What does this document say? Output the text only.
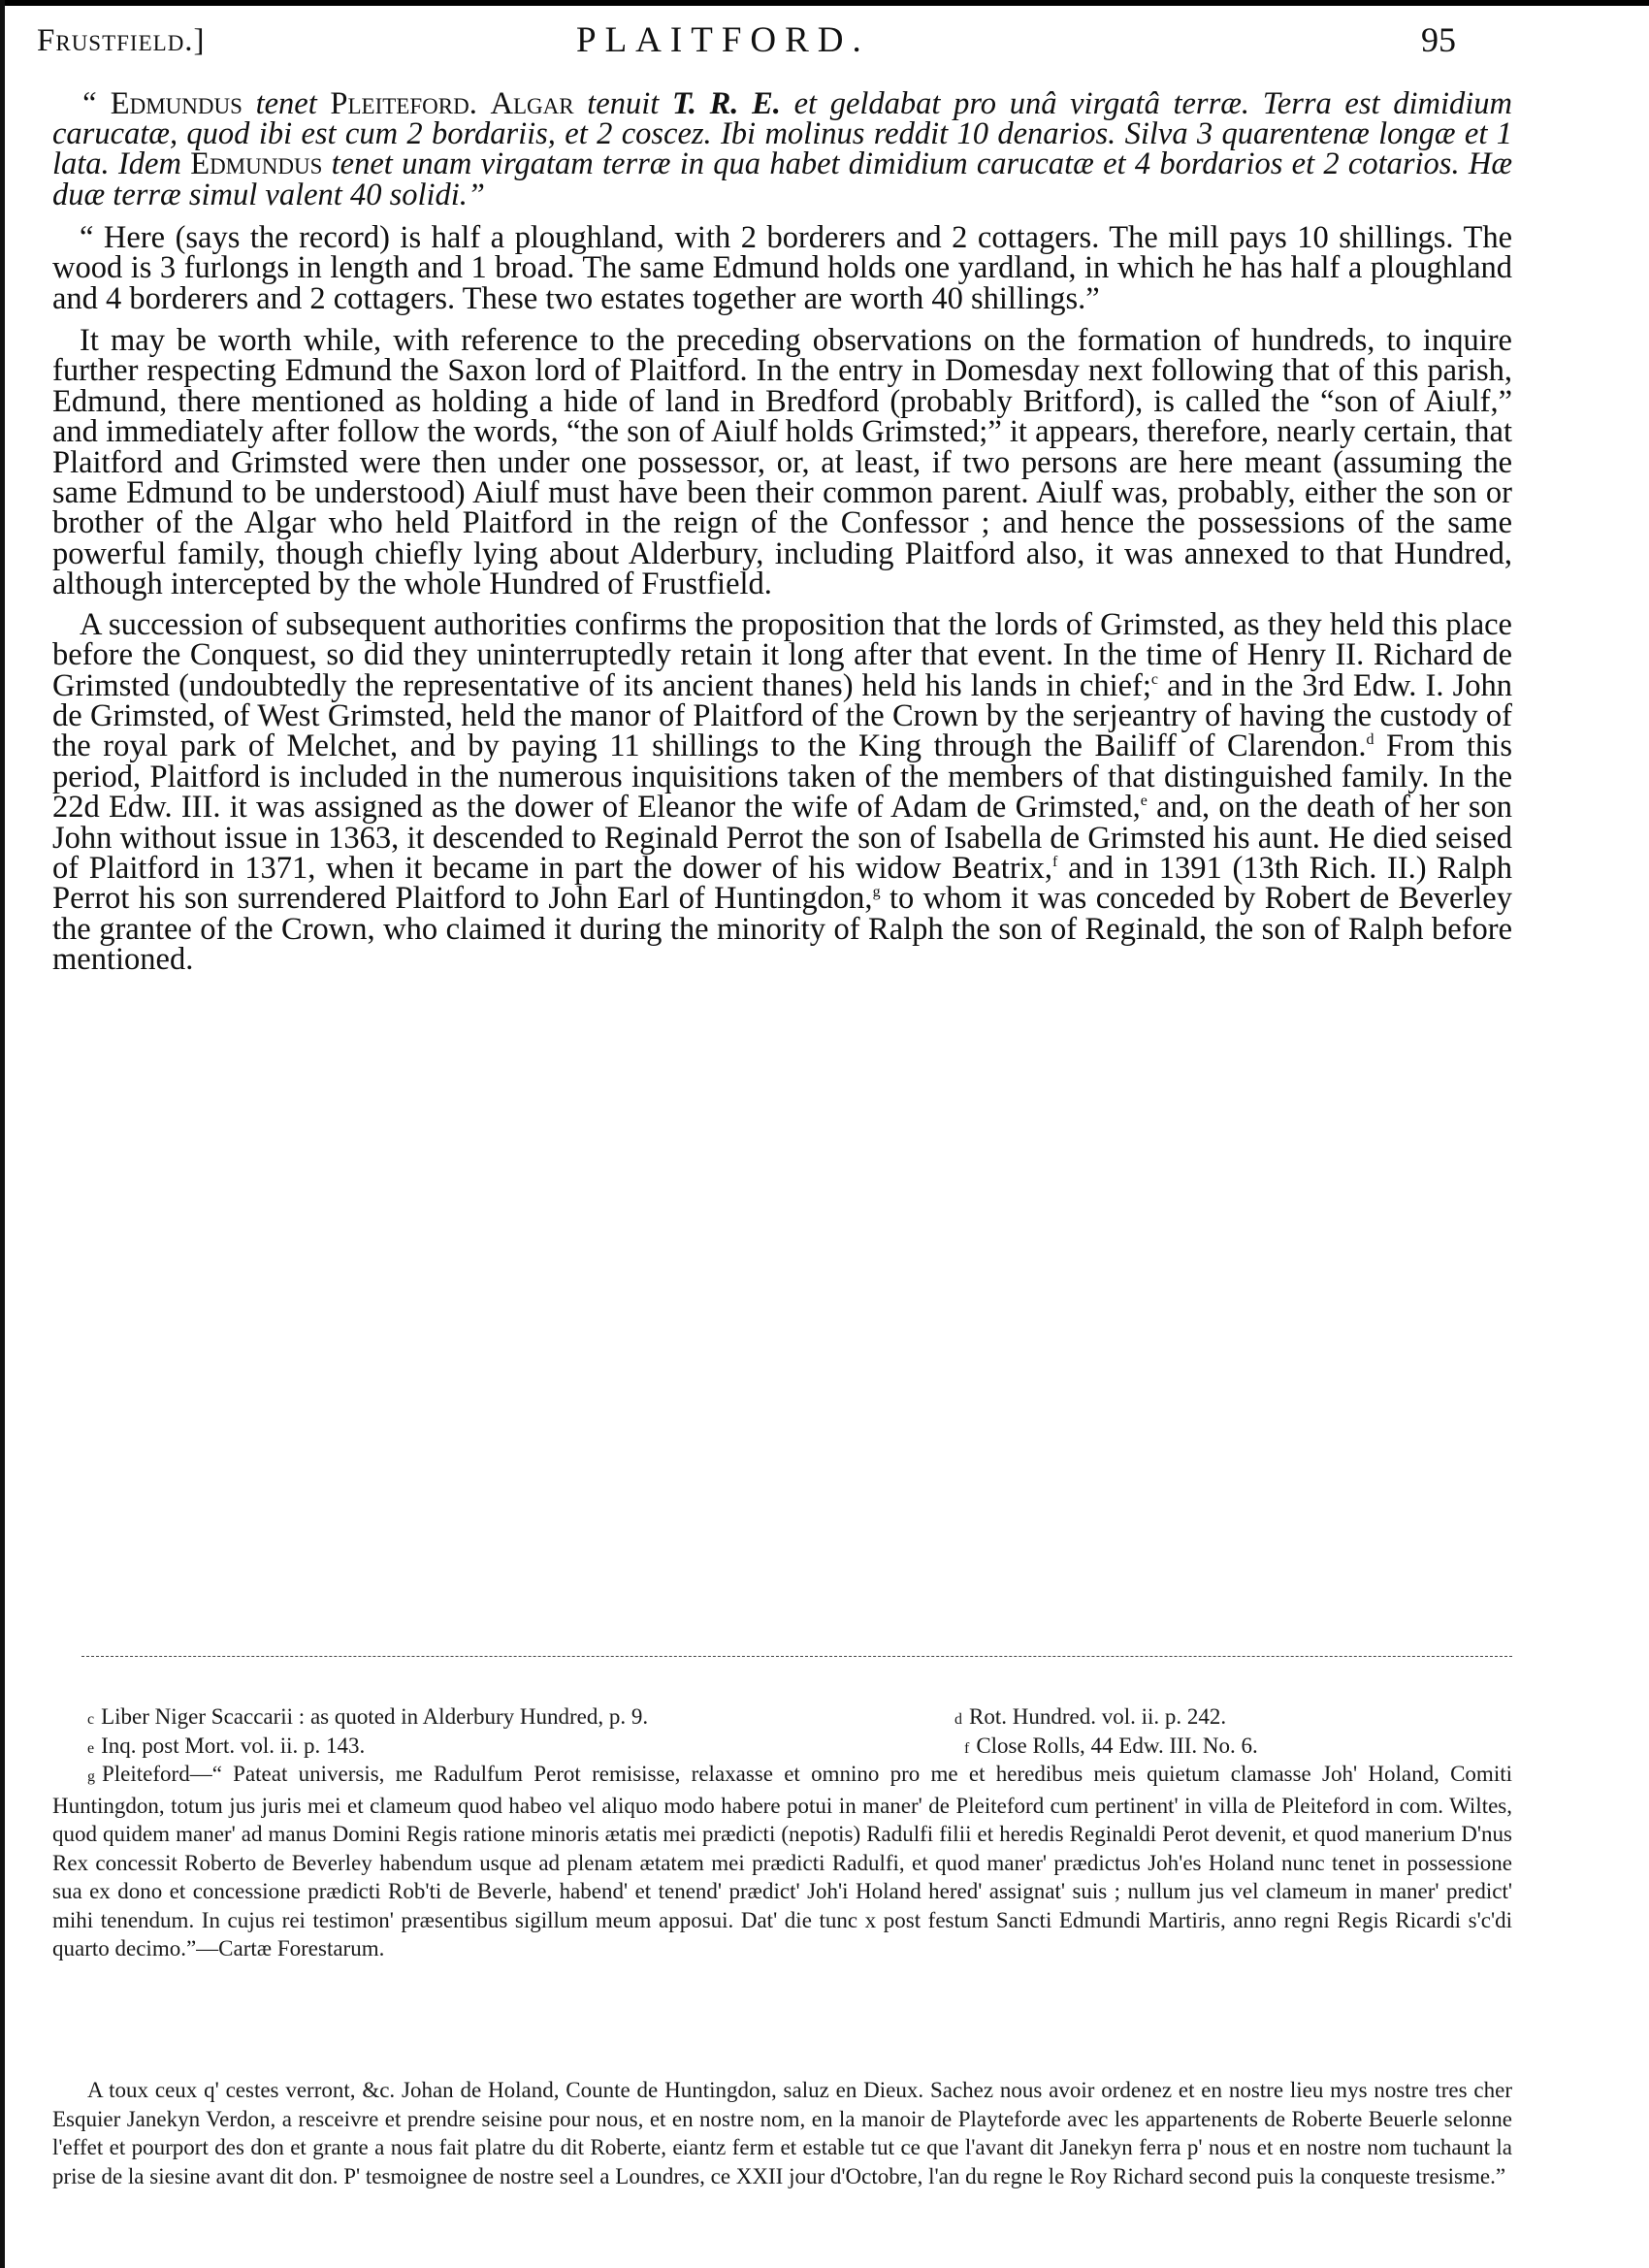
Frustfield.]	PLAITFORD.	95

“ Edmundus tenet Pleiteford. Algar tenuit T. R. E. et geldabat pro unâ virgatâ terræ. Terra est dimidium carucatæ, quod ibi est cum 2 bordariis, et 2 coscez. Ibi molinus reddit 10 denarios. Silva 3 quarentenæ longæ et 1 lata. Idem Edmundus tenet unam virgatam terræ in qua habet dimidium carucatæ et 4 bordarios et 2 cotarios. Hæ duæ terræ simul valent 40 solidi.”

“ Here (says the record) is half a ploughland, with 2 borderers and 2 cottagers. The mill pays 10 shillings. The wood is 3 furlongs in length and 1 broad. The same Edmund holds one yardland, in which he has half a ploughland and 4 borderers and 2 cottagers. These two estates together are worth 40 shillings.”

It may be worth while, with reference to the preceding observations on the formation of hundreds, to inquire further respecting Edmund the Saxon lord of Plaitford. In the entry in Domesday next following that of this parish, Edmund, there mentioned as holding a hide of land in Bredford (probably Britford), is called the “son of Aiulf,” and immediately after follow the words, “the son of Aiulf holds Grimsted;” it appears, therefore, nearly certain, that Plaitford and Grimsted were then under one possessor, or, at least, if two persons are here meant (assuming the same Edmund to be understood) Aiulf must have been their common parent. Aiulf was, probably, either the son or brother of the Algar who held Plaitford in the reign of the Confessor ; and hence the possessions of the same powerful family, though chiefly lying about Alderbury, including Plaitford also, it was annexed to that Hundred, although intercepted by the whole Hundred of Frustfield.

A succession of subsequent authorities confirms the proposition that the lords of Grimsted, as they held this place before the Conquest, so did they uninterruptedly retain it long after that event. In the time of Henry II. Richard de Grimsted (undoubtedly the representative of its ancient thanes) held his lands in chief;$^c$ and in the 3rd Edw. I. John de Grimsted, of West Grimsted, held the manor of Plaitford of the Crown by the serjeantry of having the custody of the royal park of Melchet, and by paying 11 shillings to the King through the Bailiff of Clarendon.$^d$ From this period, Plaitford is included in the numerous inquisitions taken of the members of that distinguished family. In the 22d Edw. III. it was assigned as the dower of Eleanor the wife of Adam de Grimsted,$^e$ and, on the death of her son John without issue in 1363, it descended to Reginald Perrot the son of Isabella de Grimsted his aunt. He died seised of Plaitford in 1371, when it became in part the dower of his widow Beatrix,$^f$ and in 1391 (13th Rich. II.) Ralph Perrot his son surrendered Plaitford to John Earl of Huntingdon,$^g$ to whom it was conceded by Robert de Beverley the grantee of the Crown, who claimed it during the minority of Ralph the son of Reginald, the son of Ralph before mentioned.

c Liber Niger Scaccarii : as quoted in Alderbury Hundred, p. 9.	d Rot. Hundred. vol. ii. p. 242.
e Inq. post Mort. vol. ii. p. 143.	f Close Rolls, 44 Edw. III. No. 6.

g Pleiteford—“ Pateat universis, me Radulfum Perot remisisse, relaxasse et omnino pro me et heredibus meis quietum clamasse Joh' Holand, Comiti Huntingdon, totum jus juris mei et clameum quod habeo vel aliquo modo habere potui in maner' de Pleiteford cum pertinent' in villa de Pleiteford in com. Wiltes, quod quidem maner' ad manus Domini Regis ratione minoris ætatis mei prædicti (nepotis) Radulfi filii et heredis Reginaldi Perot devenit, et quod manerium D'nus Rex concessit Roberto de Beverley habendum usque ad plenam ætatem mei prædicti Radulfi, et quod maner' prædictus Joh'es Holand nunc tenet in possessione sua ex dono et concessione prædicti Rob'ti de Beverle, habend' et tenend' prædict' Joh'i Holand hered' assignat' suis ; nullum jus vel clameum in maner' predict' mihi tenendum. In cujus rei testimon' præsentibus sigillum meum apposui. Dat' die tunc x post festum Sancti Edmundi Martiris, anno regni Regis Ricardi s'c'di quarto decimo.”—Cartæ Forestarum.

A toux ceux q' cestes verront, &c. Johan de Holand, Counte de Huntingdon, saluz en Dieux. Sachez nous avoir ordenez et en nostre lieu mys nostre tres cher Esquier Janekyn Verdon, a resceivre et prendre seisine pour nous, et en nostre nom, en la manoir de Playteforde avec les appartenents de Roberte Beuerle selonne l'effet et pourport des don et grante a nous fait platre du dit Roberte, eiantz ferm et estable tut ce que l'avant dit Janekyn ferra p' nous et en nostre nom tuchaunt la prise de la siesine avant dit don. P' tesmoignee de nostre seel a Loundres, ce XXII jour d'Octobre, l'an du regne le Roy Richard second puis la conqueste tresisme.”
